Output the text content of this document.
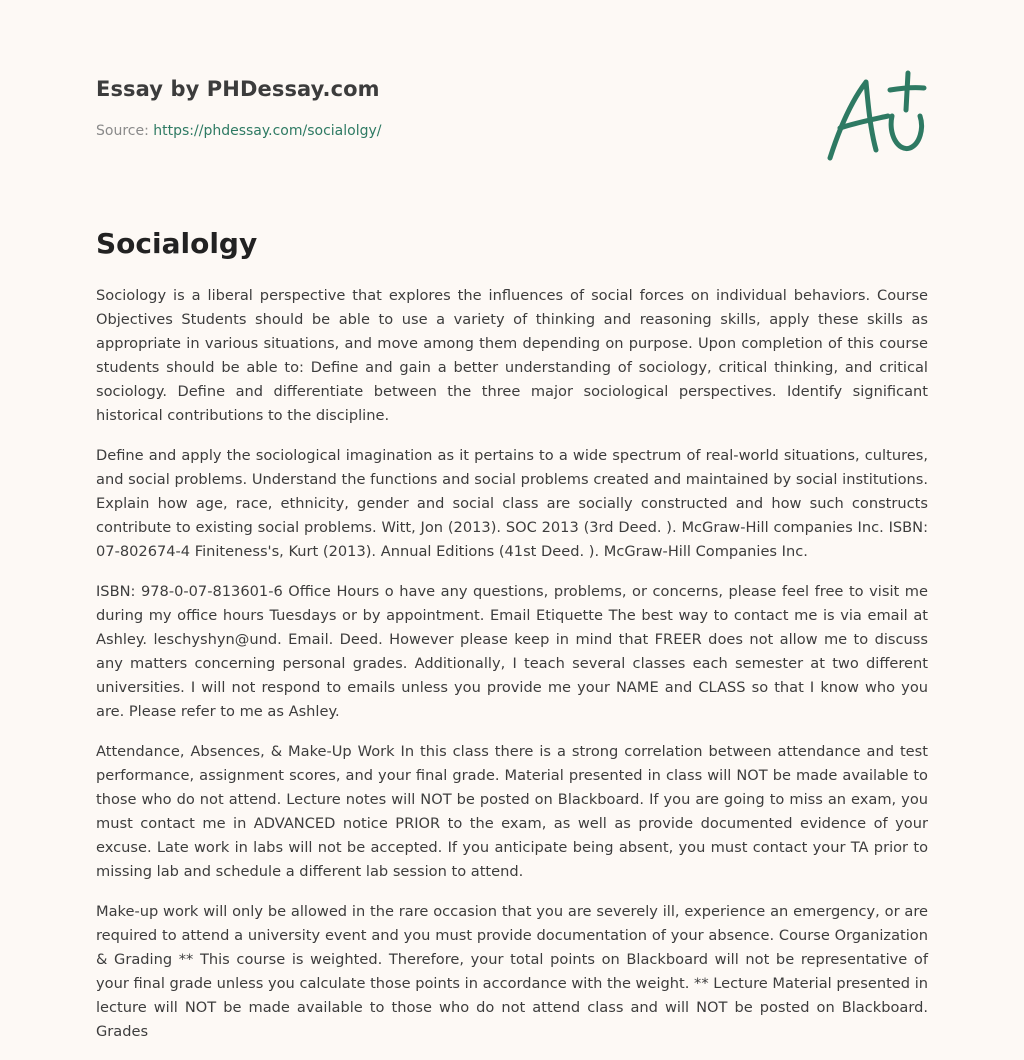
Essay by PHDessay.com
Source: https://phdessay.com/socialolgy/
Socialolgy

Sociology is a liberal perspective that explores the influences of social forces on individual behaviors. Course Objectives Students should be able to use a variety of thinking and reasoning skills, apply these skills as appropriate in various situations, and move among them depending on purpose. Upon completion of this course students should be able to: Define and gain a better understanding of sociology, critical thinking, and critical sociology. Define and differentiate between the three major sociological perspectives. Identify significant historical contributions to the discipline.

Define and apply the sociological imagination as it pertains to a wide spectrum of real-world situations, cultures, and social problems. Understand the functions and social problems created and maintained by social institutions. Explain how age, race, ethnicity, gender and social class are socially constructed and how such constructs contribute to existing social problems. Witt, Jon (2013). SOC 2013 (3rd Deed. ). McGraw-Hill companies Inc. ISBN: 07-802674-4 Finiteness's, Kurt (2013). Annual Editions (41st Deed. ). McGraw-Hill Companies Inc.

ISBN: 978-0-07-813601-6 Office Hours o have any questions, problems, or concerns, please feel free to visit me during my office hours Tuesdays or by appointment. Email Etiquette The best way to contact me is via email at Ashley. leschyshyn@und. Email. Deed. However please keep in mind that FREER does not allow me to discuss any matters concerning personal grades. Additionally, I teach several classes each semester at two different universities. I will not respond to emails unless you provide me your NAME and CLASS so that I know who you are. Please refer to me as Ashley.

Attendance, Absences, & Make-Up Work In this class there is a strong correlation between attendance and test performance, assignment scores, and your final grade. Material presented in class will NOT be made available to those who do not attend. Lecture notes will NOT be posted on Blackboard. If you are going to miss an exam, you must contact me in ADVANCED notice PRIOR to the exam, as well as provide documented evidence of your excuse. Late work in labs will not be accepted. If you anticipate being absent, you must contact your TA prior to missing lab and schedule a different lab session to attend.

Make-up work will only be allowed in the rare occasion that you are severely ill, experience an emergency, or are required to attend a university event and you must provide documentation of your absence. Course Organization & Grading ** This course is weighted. Therefore, your total points on Blackboard will not be representative of your final grade unless you calculate those points in accordance with the weight. ** Lecture Material presented in lecture will NOT be made available to those who do not attend class and will NOT be posted on Blackboard. Grades
